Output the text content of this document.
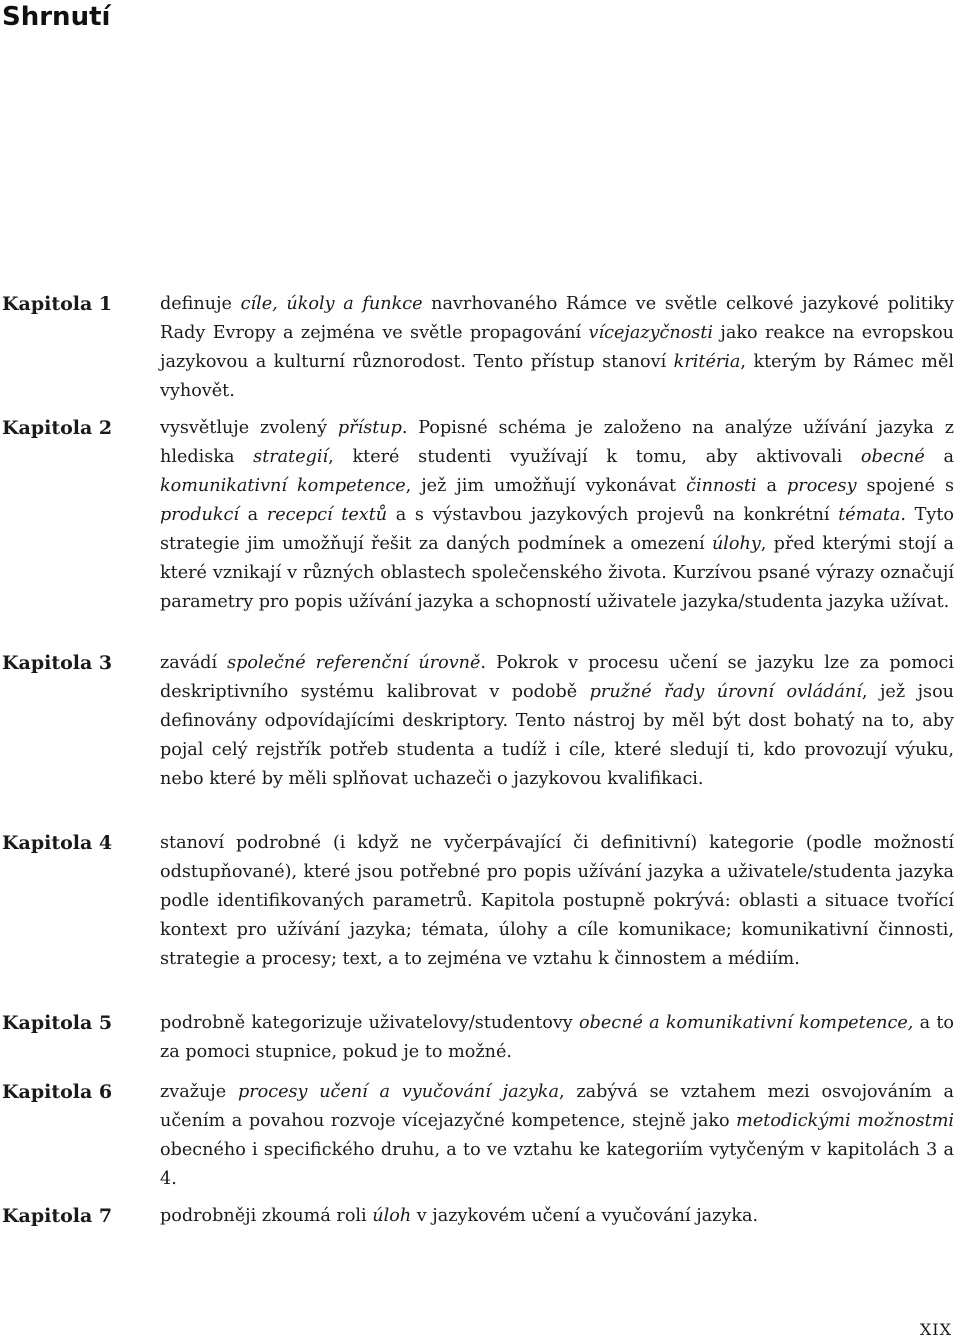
Shrnutí
Kapitola 1	definuje cíle, úkoly a funkce navrhovaného Rámce ve světle celkové jazykové politiky Rady Evropy a zejména ve světle propagování vícejazyčnosti jako reakce na evropskou jazykovou a kulturní různorodost. Tento přístup stanoví kritéria, kterým by Rámec měl vyhovět.

Kapitola 2	vysvětluje zvolený přístup. Popisné schéma je založeno na analýze užívání jazyka z hlediska strategií, které studenti využívají k tomu, aby aktivovali obecné a komunikativní kompetence, jež jim umožňují vykonávat činnosti a procesy spojené s produkcí a recepcí textů a s výstavbou jazykových projevů na konkrétní témata. Tyto strategie jim umožňují řešit za daných podmínek a omezení úlohy, před kterými stojí a které vznikají v různých oblastech společenského života. Kurzívou psané výrazy označují parametry pro popis užívání jazyka a schopností uživatele jazyka/studenta jazyka užívat.

Kapitola 3	zavádí společné referenční úrovně. Pokrok v procesu učení se jazyku lze za pomoci deskriptivního systému kalibrovat v podobě pružné řady úrovní ovládání, jež jsou definovány odpovídajícími deskriptory. Tento nástroj by měl být dost bohatý na to, aby pojal celý rejstřík potřeb studenta a tudíž i cíle, které sledují ti, kdo provozují výuku, nebo které by měli splňovat uchazeči o jazykovou kvalifikaci.

Kapitola 4	stanoví podrobné (i když ne vyčerpávající či definitivní) kategorie (podle možností odstupňované), které jsou potřebné pro popis užívání jazyka a uživatele/studenta jazyka podle identifikovaných parametrů. Kapitola postupně pokrývá: oblasti a situace tvořící kontext pro užívání jazyka; témata, úlohy a cíle komunikace; komunikativní činnosti, strategie a procesy; text, a to zejména ve vztahu k činnostem a médiím.

Kapitola 5	podrobně kategorizuje uživatelovy/studentovy obecné a komunikativní kompetence, a to za pomoci stupnice, pokud je to možné.

Kapitola 6	zvažuje procesy učení a vyučování jazyka, zabývá se vztahem mezi osvojováním a učením a povahou rozvoje vícejazyčné kompetence, stejně jako metodickými možnostmi obecného i specifického druhu, a to ve vztahu ke kategoriím vytyčeným v kapitolách 3 a 4.

Kapitola 7	podrobněji zkoumá roli úloh v jazykovém učení a vyučování jazyka.

XIX
